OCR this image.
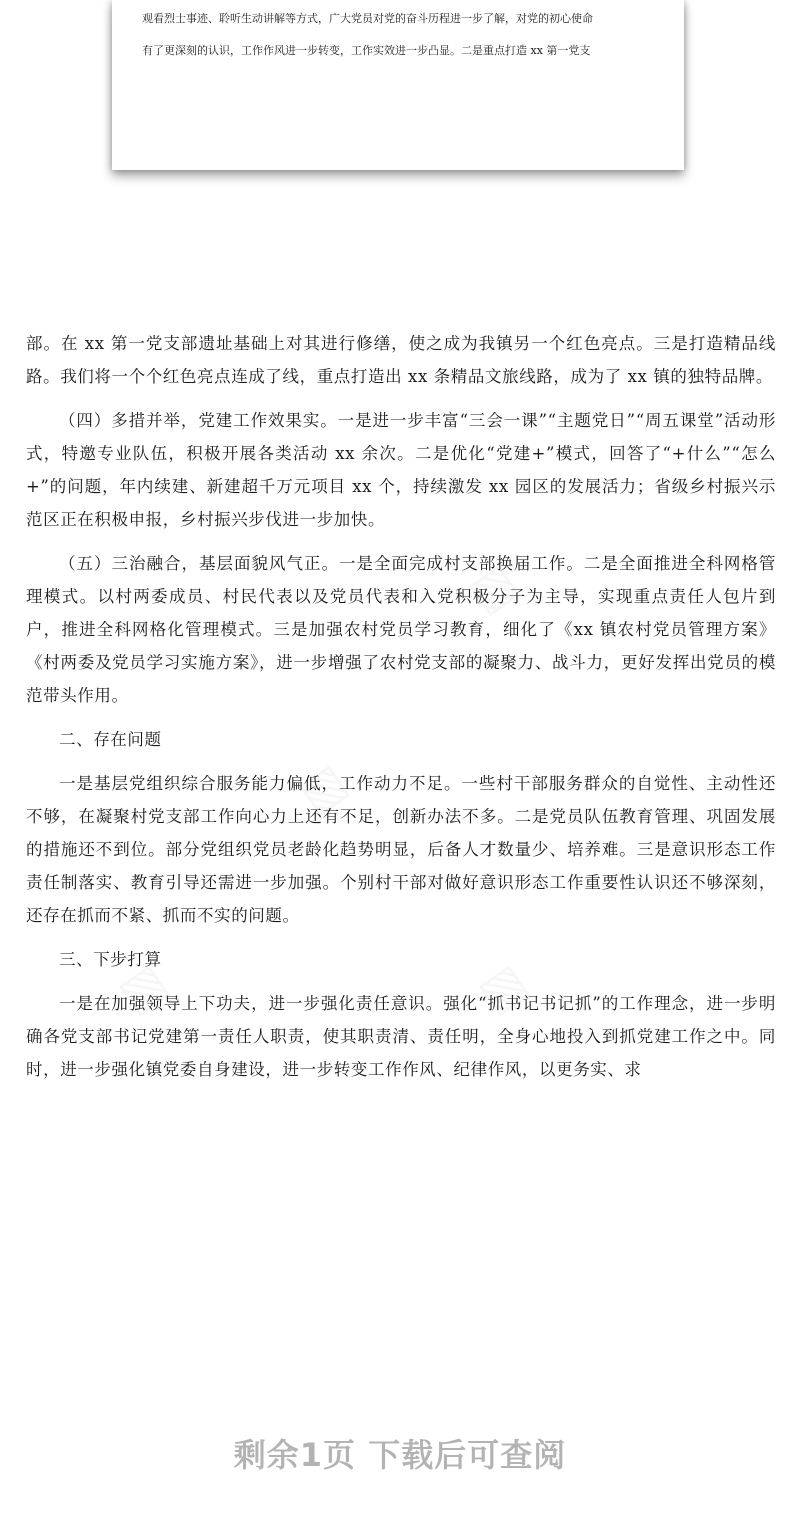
观看烈士事迹、聆听生动讲解等方式，广大党员对党的奋斗历程进一步了解，对党的初心使命
有了更深刻的认识，工作作风进一步转变，工作实效进一步凸显。二是重点打造 xx 第一党支

部。在 xx 第一党支部遗址基础上对其进行修缮，使之成为我镇另一个红色亮点。三是打造精品线路。我们将一个个红色亮点连成了线，重点打造出 xx 条精品文旅线路，成为了 xx 镇的独特品牌。

（四）多措并举，党建工作效果实。一是进一步丰富“三会一课”“主题党日”“周五课堂”活动形式，特邀专业队伍，积极开展各类活动 xx 余次。二是优化“党建+”模式，回答了“+什么”“怎么+”的问题，年内续建、新建超千万元项目 xx 个，持续激发 xx 园区的发展活力；省级乡村振兴示范区正在积极申报，乡村振兴步伐进一步加快。

（五）三治融合，基层面貌风气正。一是全面完成村支部换届工作。二是全面推进全科网格管理模式。以村两委成员、村民代表以及党员代表和入党积极分子为主导，实现重点责任人包片到户，推进全科网格化管理模式。三是加强农村党员学习教育，细化了《xx 镇农村党员管理方案》《村两委及党员学习实施方案》，进一步增强了农村党支部的凝聚力、战斗力，更好发挥出党员的模范带头作用。

二、存在问题

一是基层党组织综合服务能力偏低，工作动力不足。一些村干部服务群众的自觉性、主动性还不够，在凝聚村党支部工作向心力上还有不足，创新办法不多。二是党员队伍教育管理、巩固发展的措施还不到位。部分党组织党员老龄化趋势明显，后备人才数量少、培养难。三是意识形态工作责任制落实、教育引导还需进一步加强。个别村干部对做好意识形态工作重要性认识还不够深刻，还存在抓而不紧、抓而不实的问题。

三、下步打算

一是在加强领导上下功夫，进一步强化责任意识。强化“抓书记书记抓”的工作理念，进一步明确各党支部书记党建第一责任人职责，使其职责清、责任明，全身心地投入到抓党建工作之中。同时，进一步强化镇党委自身建设，进一步转变工作作风、纪律作风，以更务实、求

剩余1页 下载后可查阅
